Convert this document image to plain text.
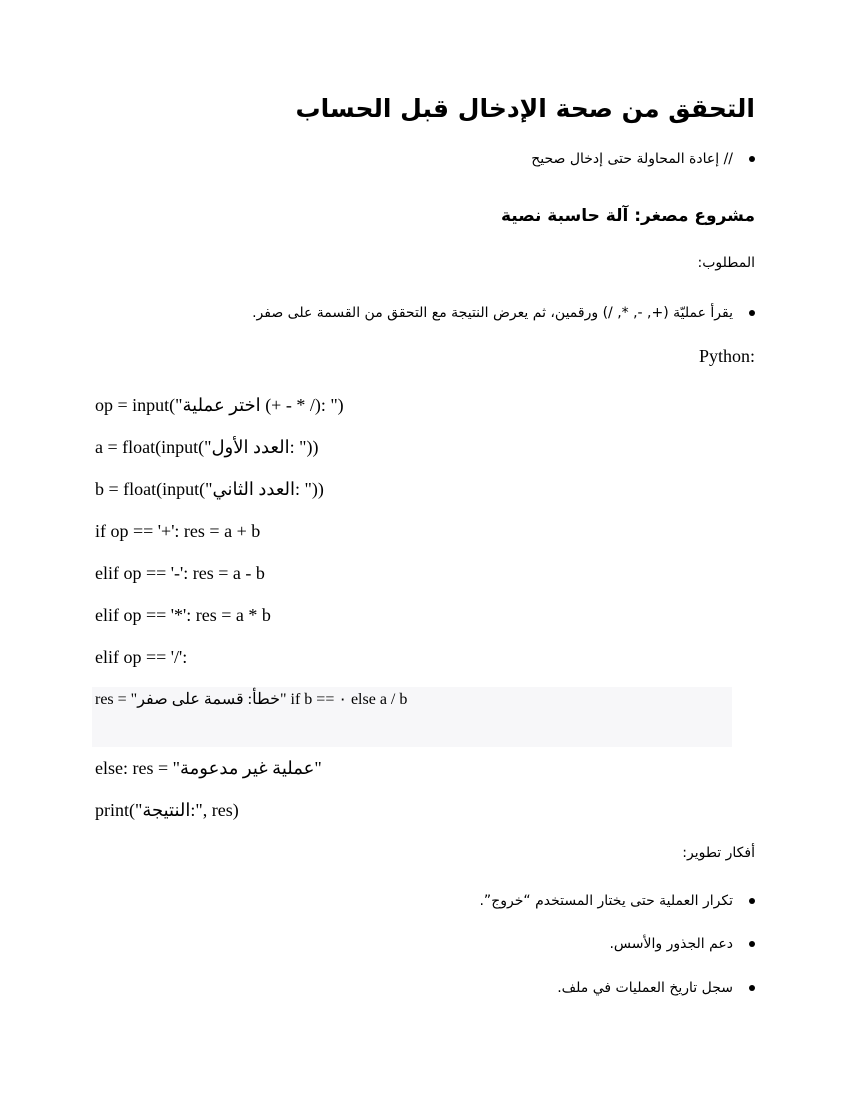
التحقق من صحة الإدخال قبل الحساب
// إعادة المحاولة حتى إدخال صحيح
مشروع مصغر: آلة حاسبة نصية
المطلوب:
يقرأ عمليّة (+, -, *, /) ورقمين، ثم يعرض النتيجة مع التحقق من القسمة على صفر.
:Python
op = input("اختر عملية (+ - * /): ")
a = float(input("العدد الأول: "))
b = float(input("العدد الثاني: "))
if op == '+': res = a + b
elif op == '-': res = a - b
elif op == '*': res = a * b
elif op == '/':
res = "خطأ: قسمة على صفر" if b == ٠ else a / b
else: res = "عملية غير مدعومة"
print("النتيجة:", res)
أفكار تطوير:
تكرار العملية حتى يختار المستخدم “خروج”.
دعم الجذور والأسس.
سجل تاريخ العمليات في ملف.
